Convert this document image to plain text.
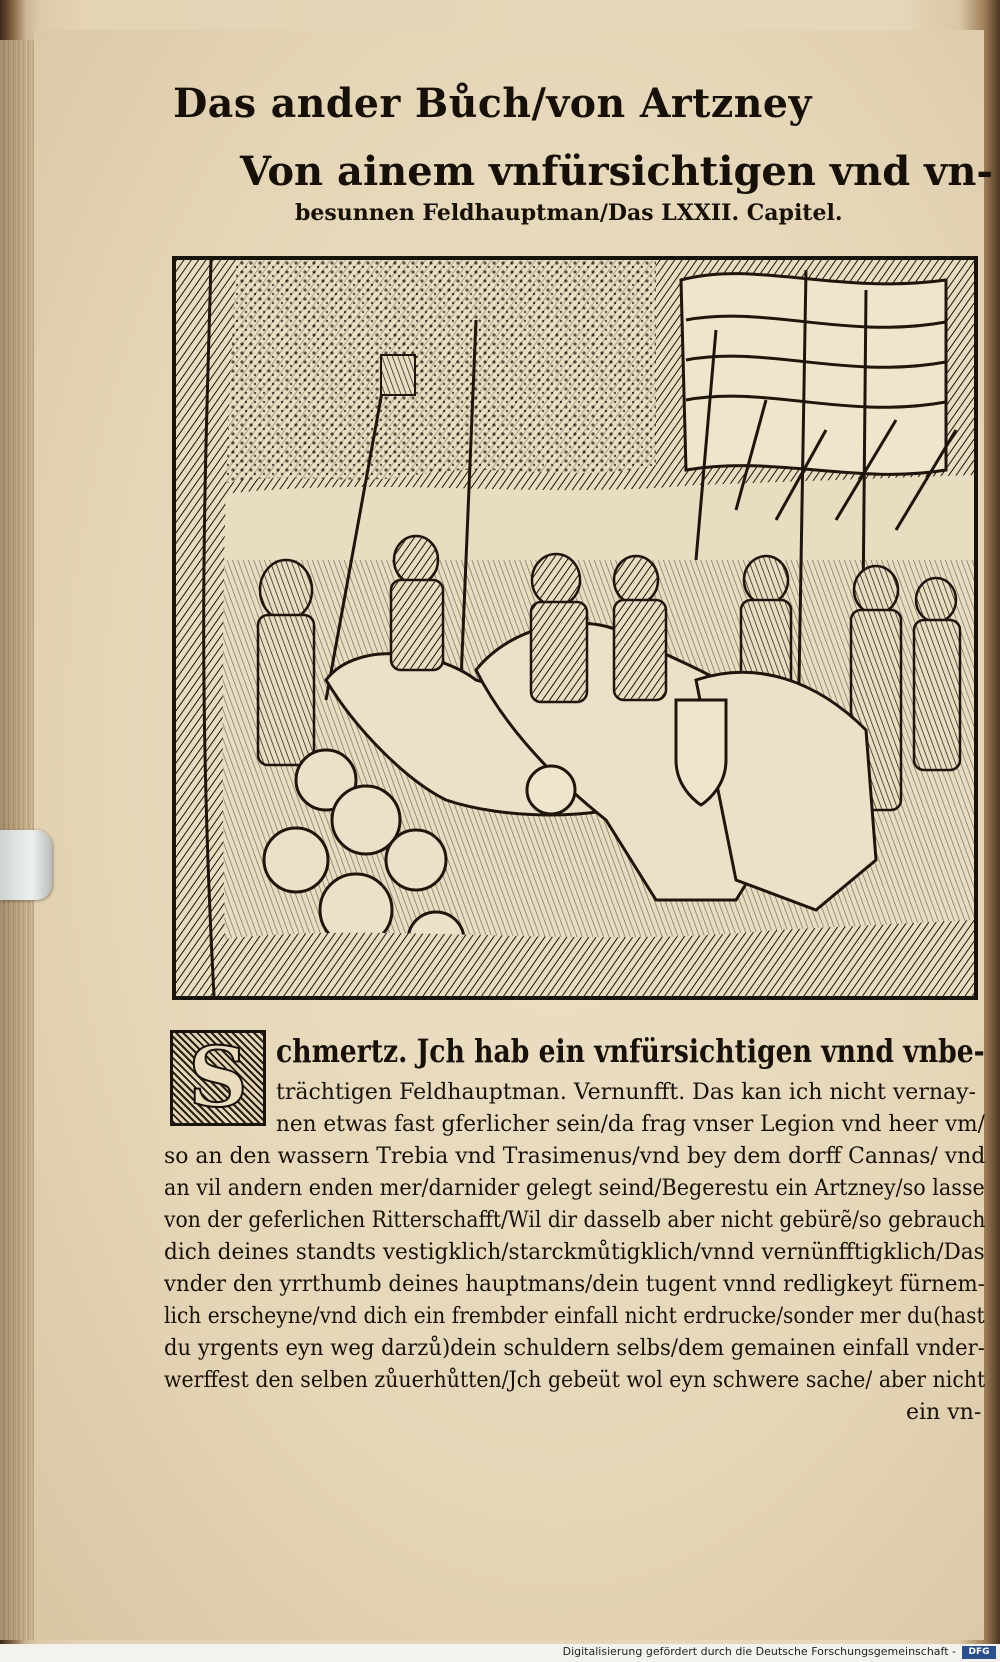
Das ander Bůch/von Artzney
Von ainem vnfürsichtigen vnd vn-
besunnen Feldhauptman/Das LXXII. Capitel.
S chmertz. Jch hab ein vnfürsichtigen vnnd vnbe-
trächtigen Feldhauptman. Vernunfft. Das kan ich nicht vernay-
nen etwas fast gferlicher sein/da frag vnser Legion vnd heer vm/
so an den wassern Trebia vnd Trasimenus/vnd bey dem dorff Cannas/ vnd
an vil andern enden mer/darnider gelegt seind/Begerestu ein Artzney/so lasse
von der geferlichen Ritterschafft/Wil dir dasselb aber nicht gebürẽ/so gebrauch
dich deines standts vestigklich/starckmůtigklich/vnnd vernünfftigklich/Das
vnder den yrrthumb deines hauptmans/dein tugent vnnd redligkeyt fürnem-
lich erscheyne/vnd dich ein frembder einfall nicht erdrucke/sonder mer du(hast
du yrgents eyn weg darzů)dein schuldern selbs/dem gemainen einfall vnder-
werffest den selben zůuerhůtten/Jch gebeüt wol eyn schwere sache/ aber nicht
ein vn-
Digitalisierung gefördert durch die Deutsche Forschungsgemeinschaft -	DFG
